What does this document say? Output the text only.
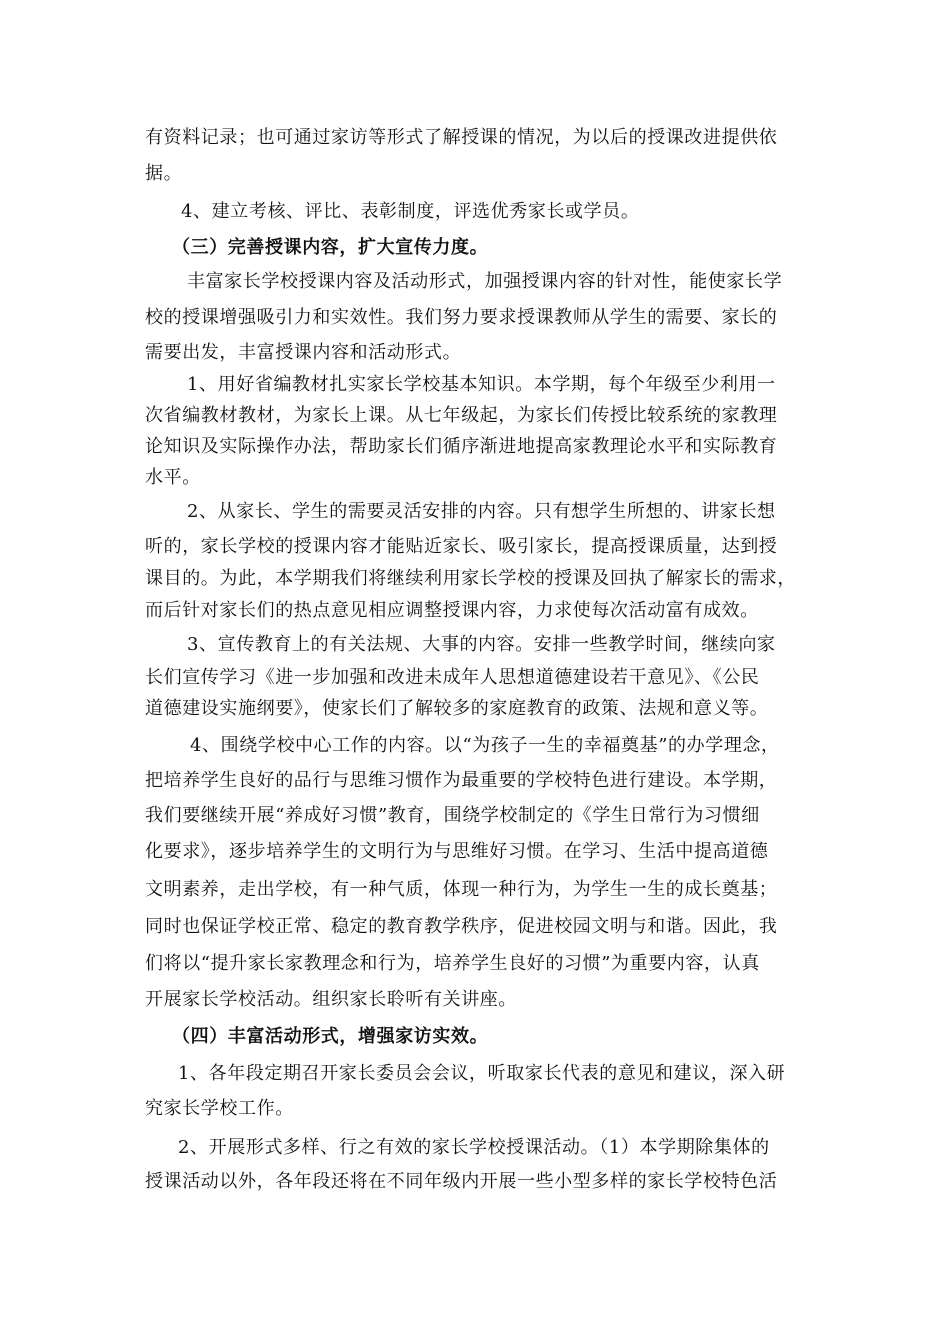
有资料记录；也可通过家访等形式了解授课的情况，为以后的授课改进提供依
据。
4、建立考核、评比、表彰制度，评选优秀家长或学员。
（三）完善授课内容，扩大宣传力度。
丰富家长学校授课内容及活动形式，加强授课内容的针对性，能使家长学
校的授课增强吸引力和实效性。我们努力要求授课教师从学生的需要、家长的
需要出发，丰富授课内容和活动形式。
1、用好省编教材扎实家长学校基本知识。本学期，每个年级至少利用一
次省编教材教材，为家长上课。从七年级起，为家长们传授比较系统的家教理
论知识及实际操作办法，帮助家长们循序渐进地提高家教理论水平和实际教育
水平。
2、从家长、学生的需要灵活安排的内容。只有想学生所想的、讲家长想
听的，家长学校的授课内容才能贴近家长、吸引家长，提高授课质量，达到授
课目的。为此，本学期我们将继续利用家长学校的授课及回执了解家长的需求，
而后针对家长们的热点意见相应调整授课内容，力求使每次活动富有成效。
3、宣传教育上的有关法规、大事的内容。安排一些教学时间，继续向家
长们宣传学习《进一步加强和改进未成年人思想道德建设若干意见》、《公民
道德建设实施纲要》，使家长们了解较多的家庭教育的政策、法规和意义等。
4、围绕学校中心工作的内容。以“为孩子一生的幸福奠基”的办学理念，
把培养学生良好的品行与思维习惯作为最重要的学校特色进行建设。本学期，
我们要继续开展“养成好习惯”教育，围绕学校制定的《学生日常行为习惯细
化要求》，逐步培养学生的文明行为与思维好习惯。在学习、生活中提高道德
文明素养，走出学校，有一种气质，体现一种行为，为学生一生的成长奠基；
同时也保证学校正常、稳定的教育教学秩序，促进校园文明与和谐。因此，我
们将以“提升家长家教理念和行为，培养学生良好的习惯”为重要内容，认真
开展家长学校活动。组织家长聆听有关讲座。
（四）丰富活动形式，增强家访实效。
1、各年段定期召开家长委员会会议，听取家长代表的意见和建议，深入研
究家长学校工作。
2、开展形式多样、行之有效的家长学校授课活动。（1）本学期除集体的
授课活动以外，各年段还将在不同年级内开展一些小型多样的家长学校特色活
